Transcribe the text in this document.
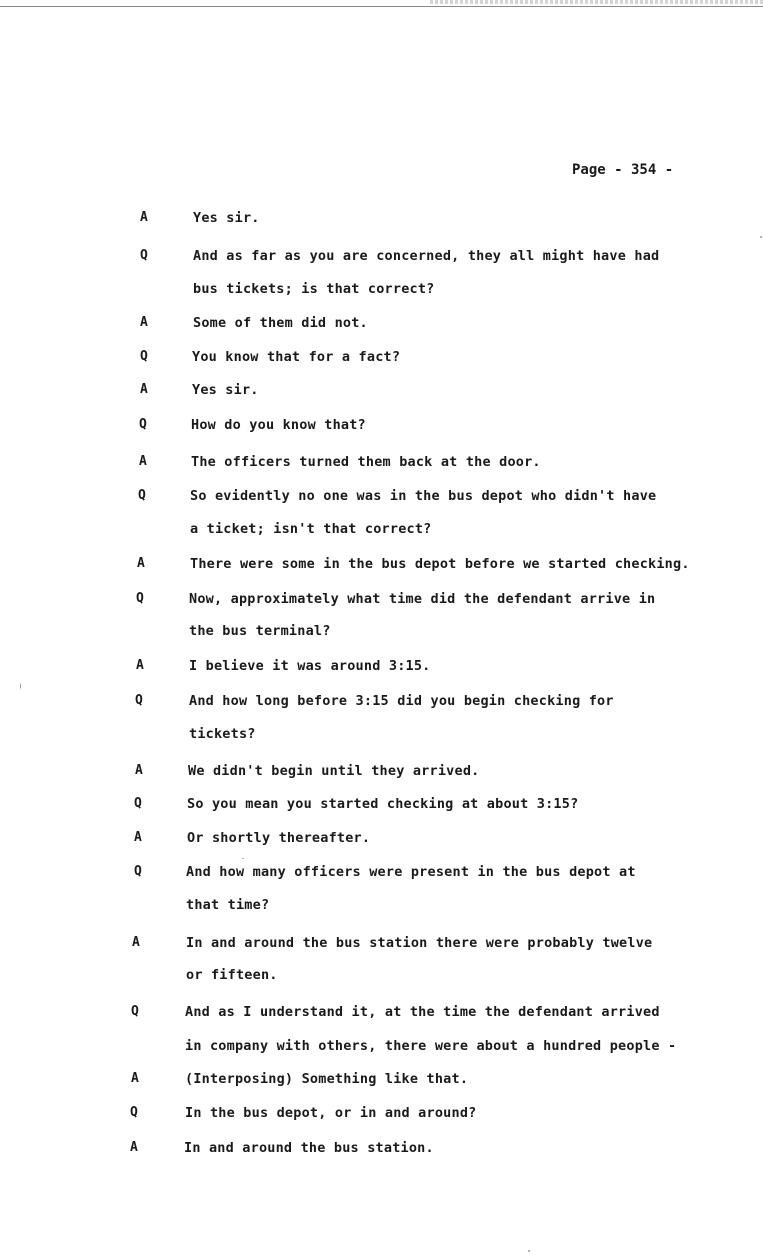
Page - 354 -
A	Yes sir.
Q	And as far as you are concerned, they all might have had
bus tickets; is that correct?
A	Some of them did not.
Q	You know that for a fact?
A	Yes sir.
Q	How do you know that?
A	The officers turned them back at the door.
Q	So evidently no one was in the bus depot who didn't have
a ticket; isn't that correct?
A	There were some in the bus depot before we started checking.
Q	Now, approximately what time did the defendant arrive in
the bus terminal?
A	I believe it was around 3:15.
Q	And how long before 3:15 did you begin checking for
tickets?
A	We didn't begin until they arrived.
Q	So you mean you started checking at about 3:15?
A	Or shortly thereafter.
Q	And how many officers were present in the bus depot at
that time?
A	In and around the bus station there were probably twelve
or fifteen.
Q	And as I understand it, at the time the defendant arrived
in company with others, there were about a hundred people -
A	(Interposing) Something like that.
Q	In the bus depot, or in and around?
A	In and around the bus station.
